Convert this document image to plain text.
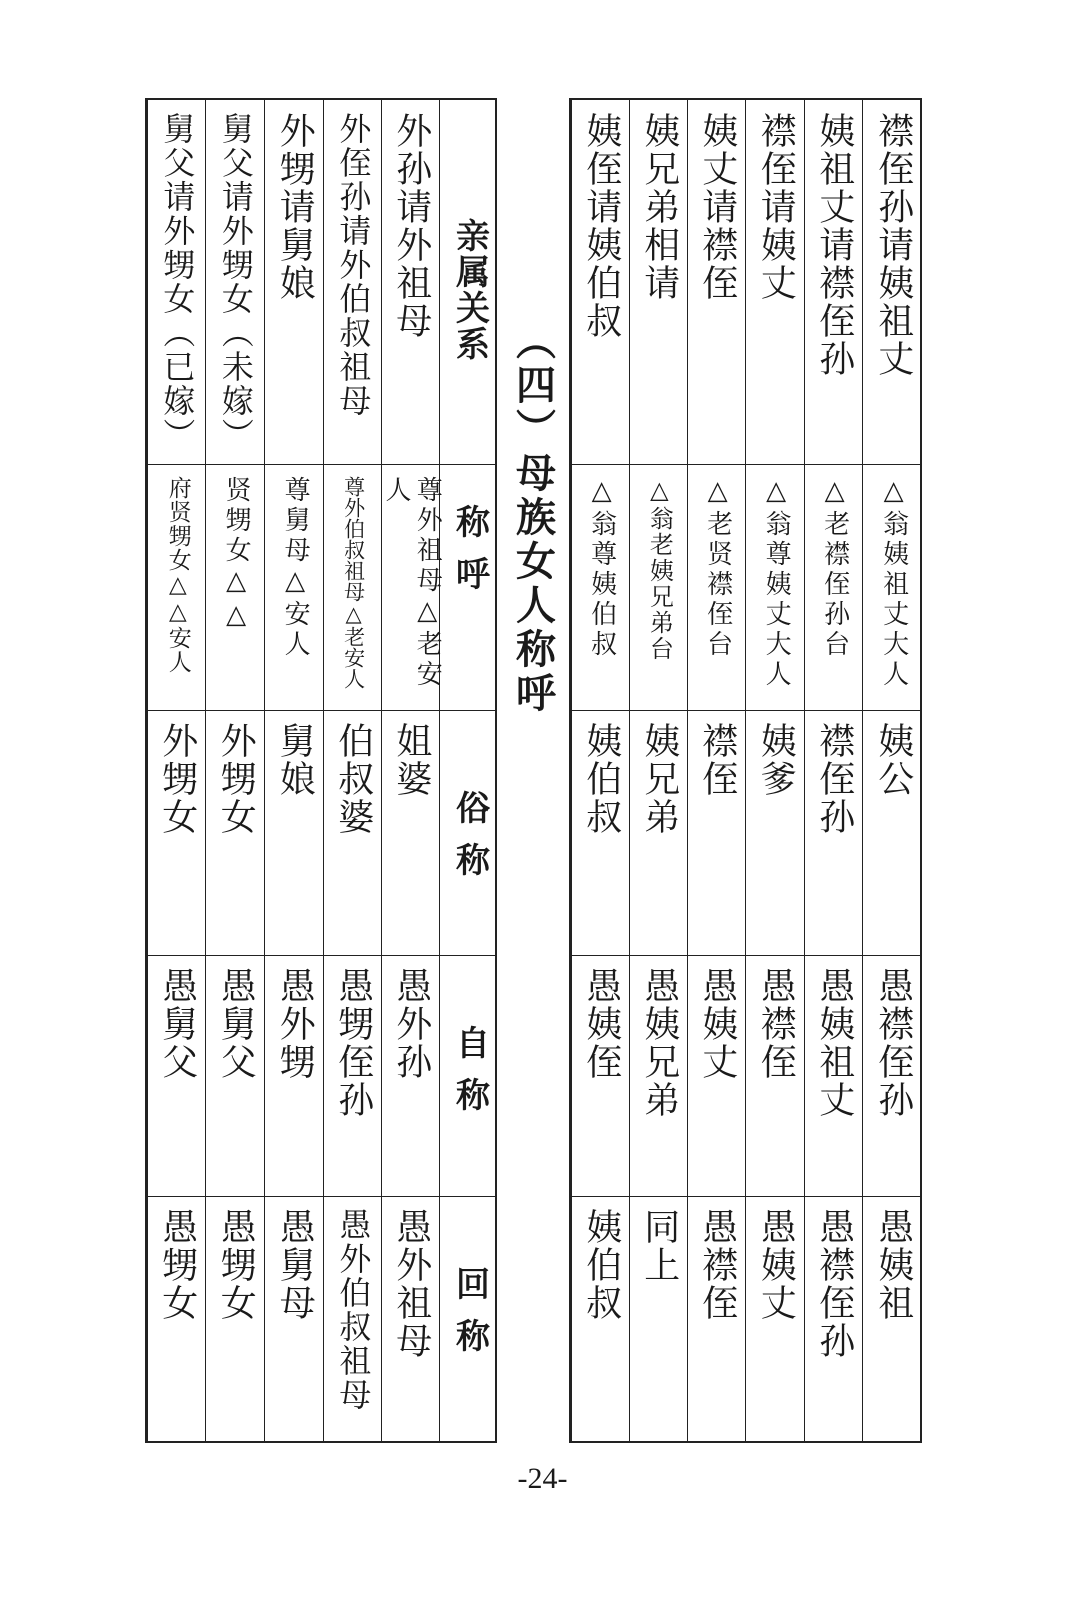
亲属关系
称呼
俗称
自称
回称
外孙请外祖母
尊外祖母△老安人
姐婆
愚外孙
愚外祖母
外侄孙请外伯叔祖母
尊外伯叔祖母△老安人
伯叔婆
愚甥侄孙
愚外伯叔祖母
外甥请舅娘
尊舅母△安人
舅娘
愚外甥
愚舅母
舅父请外甥女（未嫁）
贤甥女△△
外甥女
愚舅父
愚甥女
舅父请外甥女（已嫁）
府贤甥女△△安人
外甥女
愚舅父
愚甥女
（四）母族女人称呼
襟侄孙请姨祖丈
△翁姨祖丈大人
姨公
愚襟侄孙
愚姨祖
姨祖丈请襟侄孙
△老襟侄孙台
襟侄孙
愚姨祖丈
愚襟侄孙
襟侄请姨丈
△翁尊姨丈大人
姨爹
愚襟侄
愚姨丈
姨丈请襟侄
△老贤襟侄台
襟侄
愚姨丈
愚襟侄
姨兄弟相请
△翁老姨兄弟台
姨兄弟
愚姨兄弟
同上
姨侄请姨伯叔
△翁尊姨伯叔
姨伯叔
愚姨侄
姨伯叔
-24-
